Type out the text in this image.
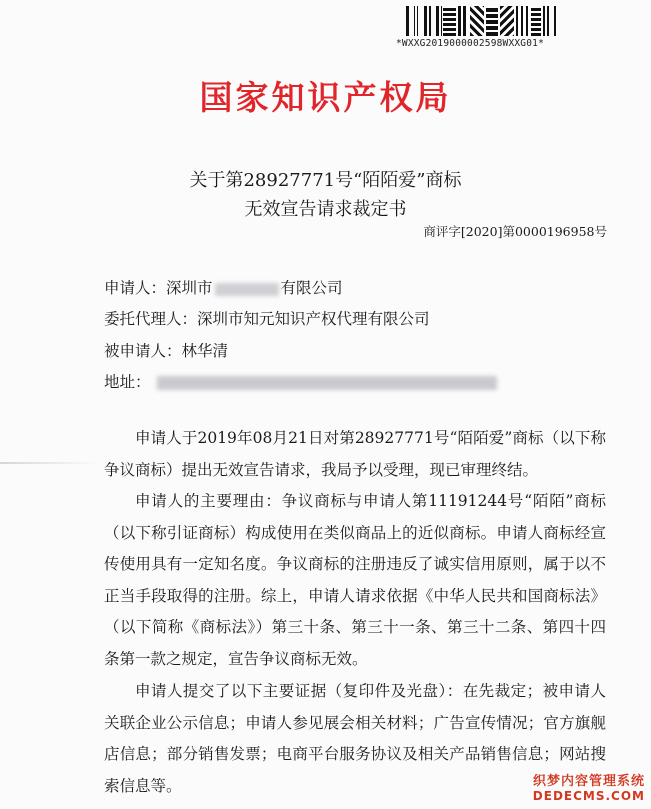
*WXXG2019000002598WXXG01*
国家知识产权局
关于第28927771号“陌陌爱”商标
无效宣告请求裁定书
商评字[2020]第0000196958号
申请人：深圳市	有限公司
委托代理人：深圳市知元知识产权代理有限公司
被申请人：林华清
地址：

申请人于2019年08月21日对第28927771号“陌陌爱”商标（以下称争议商标）提出无效宣告请求，我局予以受理，现已审理终结。

申请人的主要理由：争议商标与申请人第11191244号“陌陌”商标（以下称引证商标）构成使用在类似商品上的近似商标。申请人商标经宣传使用具有一定知名度。争议商标的注册违反了诚实信用原则，属于以不正当手段取得的注册。综上，申请人请求依据《中华人民共和国商标法》（以下简称《商标法》）第三十条、第三十一条、第三十二条、第四十四条第一款之规定，宣告争议商标无效。

申请人提交了以下主要证据（复印件及光盘）：在先裁定；被申请人关联企业公示信息；申请人参见展会相关材料；广告宣传情况；官方旗舰店信息；部分销售发票；电商平台服务协议及相关产品销售信息；网站搜索信息等。	织梦内容管理系统
DEDECMS.COM
